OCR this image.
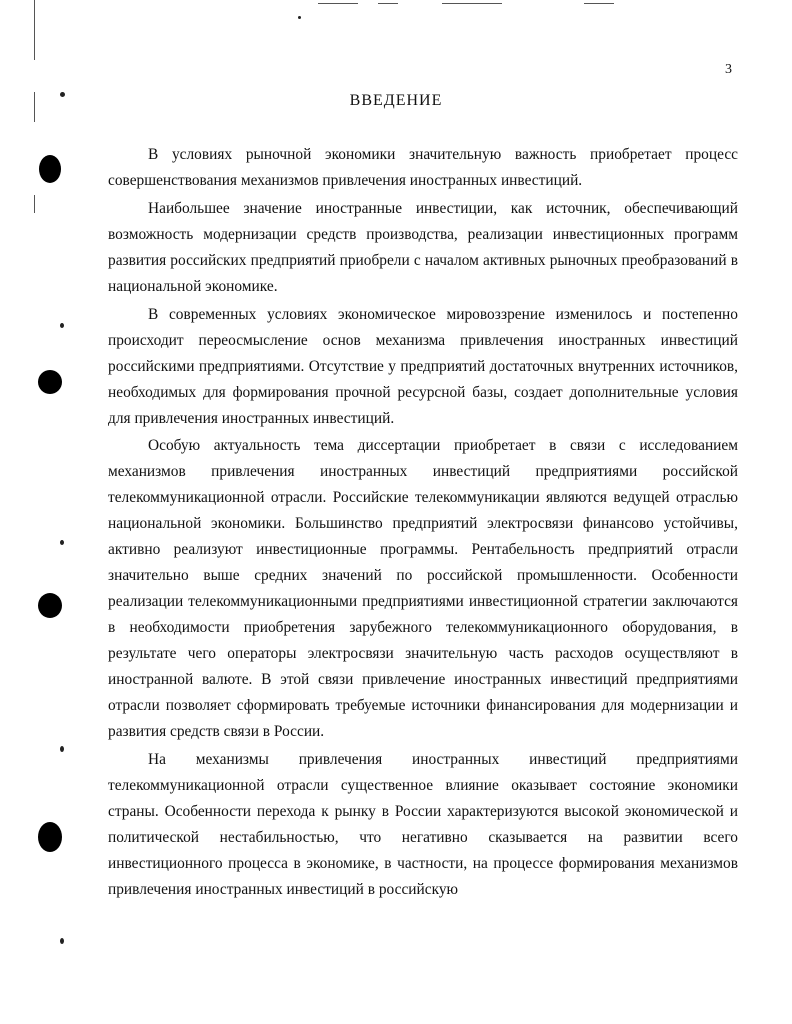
3
ВВЕДЕНИЕ

В условиях рыночной экономики значительную важность приобретает процесс совершенствования механизмов привлечения иностранных инвестиций.

Наибольшее значение иностранные инвестиции, как источник, обеспечивающий возможность модернизации средств производства, реализации инвестиционных программ развития российских предприятий приобрели с началом активных рыночных преобразований в национальной экономике.

В современных условиях экономическое мировоззрение изменилось и постепенно происходит переосмысление основ механизма привлечения иностранных инвестиций российскими предприятиями. Отсутствие у предприятий достаточных внутренних источников, необходимых для формирования прочной ресурсной базы, создает дополнительные условия для привлечения иностранных инвестиций.

Особую актуальность тема диссертации приобретает в связи с исследованием механизмов привлечения иностранных инвестиций предприятиями российской телекоммуникационной отрасли. Российские телекоммуникации являются ведущей отраслью национальной экономики. Большинство предприятий электросвязи финансово устойчивы, активно реализуют инвестиционные программы. Рентабельность предприятий отрасли значительно выше средних значений по российской промышленности. Особенности реализации телекоммуникационными предприятиями инвестиционной стратегии заключаются в необходимости приобретения зарубежного телекоммуникационного оборудования, в результате чего операторы электросвязи значительную часть расходов осуществляют в иностранной валюте. В этой связи привлечение иностранных инвестиций предприятиями отрасли позволяет сформировать требуемые источники финансирования для модернизации и развития средств связи в России.

На механизмы привлечения иностранных инвестиций предприятиями телекоммуникационной отрасли существенное влияние оказывает состояние экономики страны. Особенности перехода к рынку в России характеризуются высокой экономической и политической нестабильностью, что негативно сказывается на развитии всего инвестиционного процесса в экономике, в частности, на процессе формирования механизмов привлечения иностранных инвестиций в российскую
